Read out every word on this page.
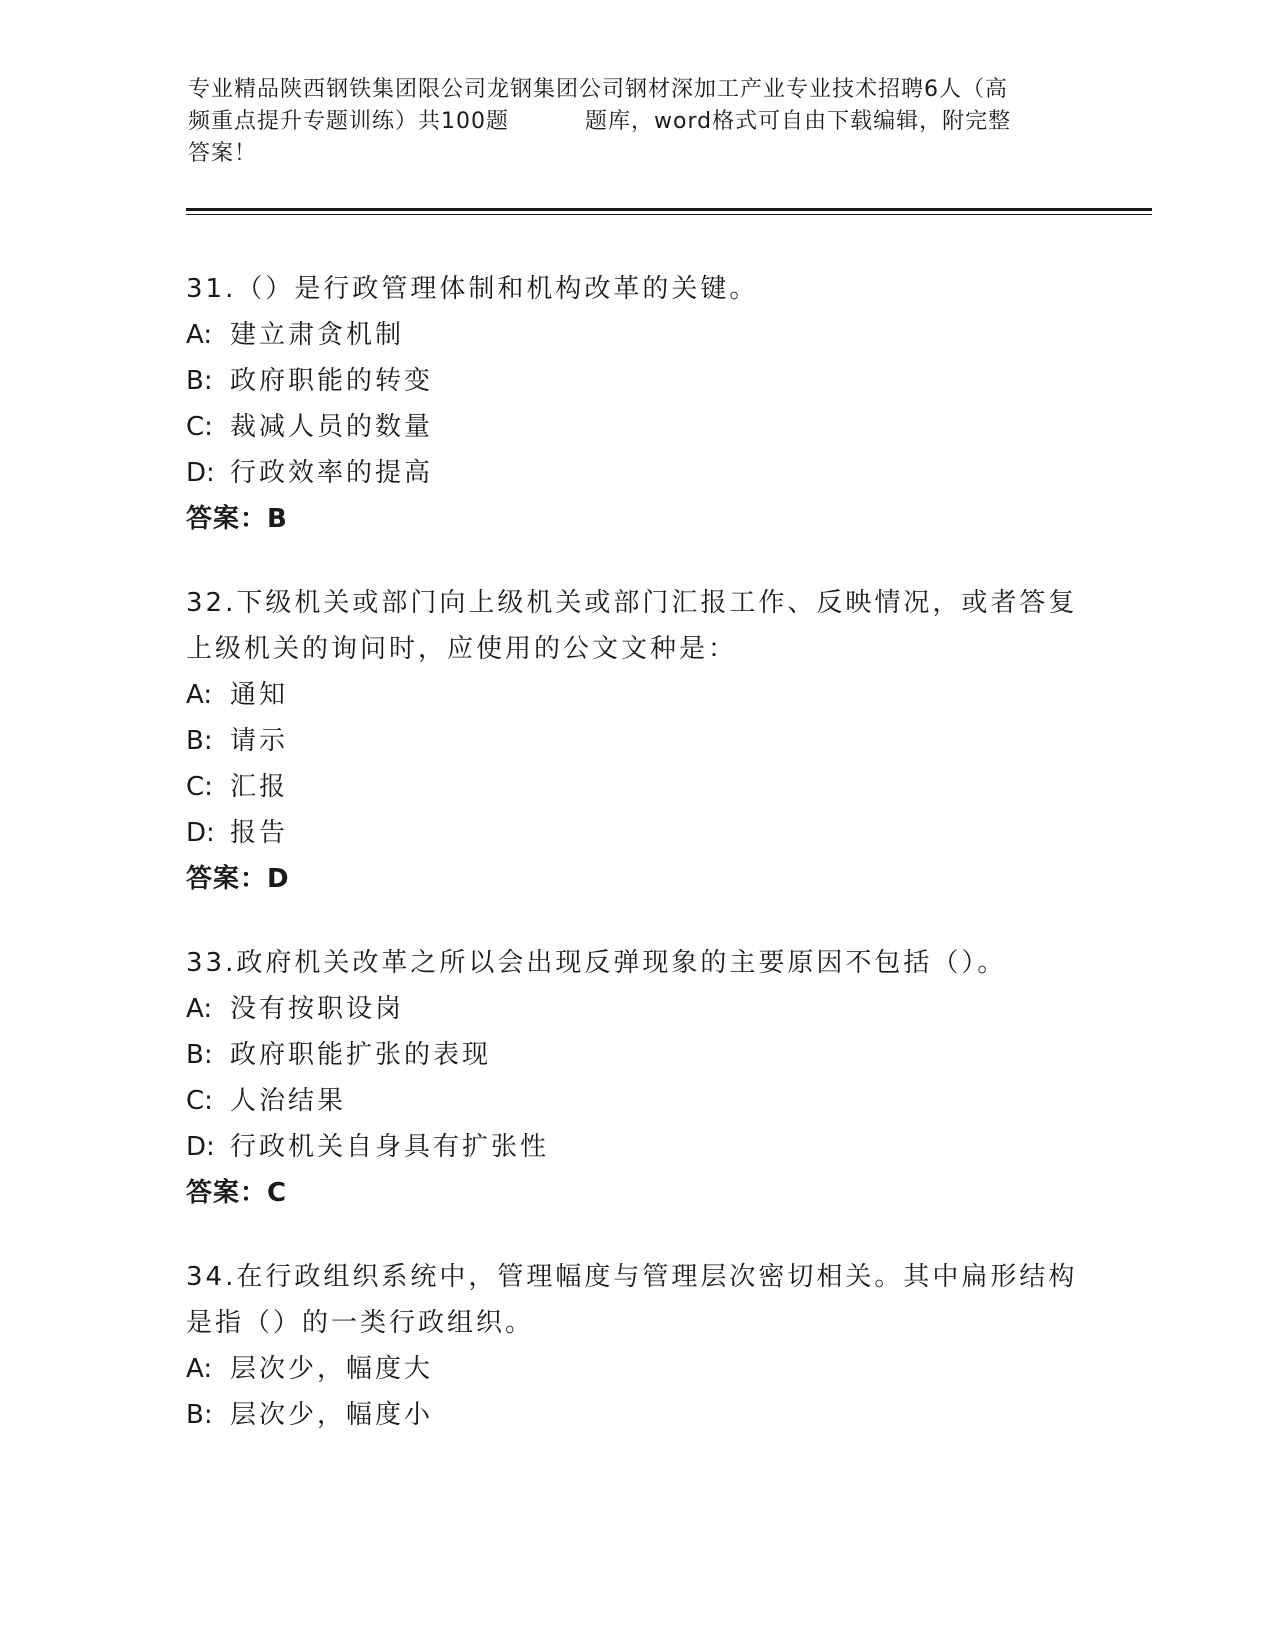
专业精品陕西钢铁集团限公司龙钢集团公司钢材深加工产业专业技术招聘6人（高
频重点提升专题训练）共100题	题库，word格式可自由下载编辑，附完整
答案！
31.（）是行政管理体制和机构改革的关键。
A: 建立肃贪机制
B: 政府职能的转变
C: 裁减人员的数量
D: 行政效率的提高
答案：B
32.下级机关或部门向上级机关或部门汇报工作、反映情况，或者答复
上级机关的询问时，应使用的公文文种是：
A: 通知
B: 请示
C: 汇报
D: 报告
答案：D
33.政府机关改革之所以会出现反弹现象的主要原因不包括（）。
A: 没有按职设岗
B: 政府职能扩张的表现
C: 人治结果
D: 行政机关自身具有扩张性
答案：C
34.在行政组织系统中，管理幅度与管理层次密切相关。其中扁形结构
是指（）的一类行政组织。
A: 层次少，幅度大
B: 层次少，幅度小
